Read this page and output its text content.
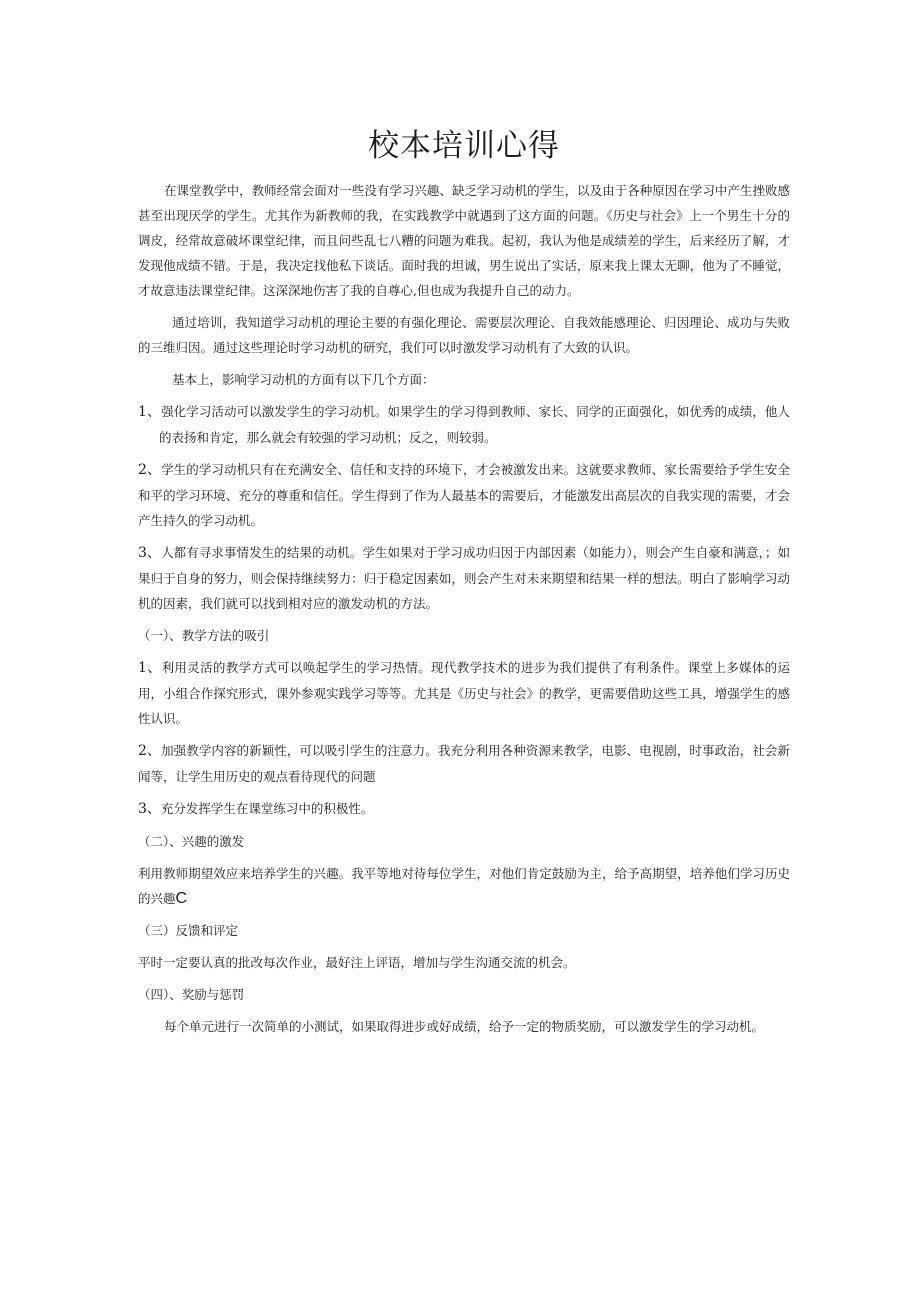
校本培训心得

在课堂教学中，教师经常会面对一些没有学习兴趣、缺乏学习动机的学生，以及由于各种原因在学习中产生挫败感甚至出现厌学的学生。尤其作为新教师的我，在实践教学中就遇到了这方面的问题。《历史与社会》上一个男生十分的调皮，经常故意破坏课堂纪律，而且问些乱七八糟的问题为难我。起初，我认为他是成绩差的学生，后来经历了解，才发现他成绩不错。于是，我决定找他私下谈话。面时我的坦诚，男生说出了实话，原来我上课太无聊，他为了不睡觉，才故意违法课堂纪律。这深深地伤害了我的自尊心,但也成为我提升自己的动力。

通过培训，我知道学习动机的理论主要的有强化理论、需要层次理论、自我效能感理论、归因理论、成功与失败的三维归因。通过这些理论时学习动机的研究，我们可以时激发学习动机有了大致的认识。

基本上，影响学习动机的方面有以下几个方面：

1、强化学习活动可以激发学生的学习动机。如果学生的学习得到教师、家长、同学的正面强化，如优秀的成绩，他人的表扬和肯定，那么就会有较强的学习动机；反之，则较弱。

2、学生的学习动机只有在充满安全、信任和支持的环境下，才会被激发出来。这就要求教师、家长需要给予学生安全和平的学习环境、充分的尊重和信任。学生得到了作为人最基本的需要后，才能激发出高层次的自我实现的需要，才会产生持久的学习动机。

3、人都有寻求事情发生的结果的动机。学生如果对于学习成功归因于内部因素（如能力），则会产生自豪和满意，；如果归于自身的努力，则会保持继续努力：归于稳定因素如，则会产生对未来期望和结果一样的想法。明白了影响学习动机的因素，我们就可以找到相对应的激发动机的方法。

（一）、教学方法的吸引

1、利用灵活的教学方式可以唤起学生的学习热情。现代教学技术的进步为我们提供了有利条件。课堂上多媒体的运用，小组合作探究形式，课外参观实践学习等等。尤其是《历史与社会》的教学，更需要借助这些工具，增强学生的感性认识。

2、加强教学内容的新颖性，可以吸引学生的注意力。我充分利用各种资源来教学，电影、电视剧，时事政治，社会新闻等，让学生用历史的观点看待现代的问题

3、充分发挥学生在课堂练习中的积极性。

（二）、兴趣的激发

利用教师期望效应来培养学生的兴趣。我平等地对待每位学生，对他们肯定鼓励为主，给予高期望，培养他们学习历史的兴趣C

（三）反馈和评定

平时一定要认真的批改每次作业，最好注上评语，增加与学生沟通交流的机会。

（四）、奖励与惩罚

每个单元进行一次简单的小测试，如果取得进步或好成绩，给予一定的物质奖励，可以激发学生的学习动机。
